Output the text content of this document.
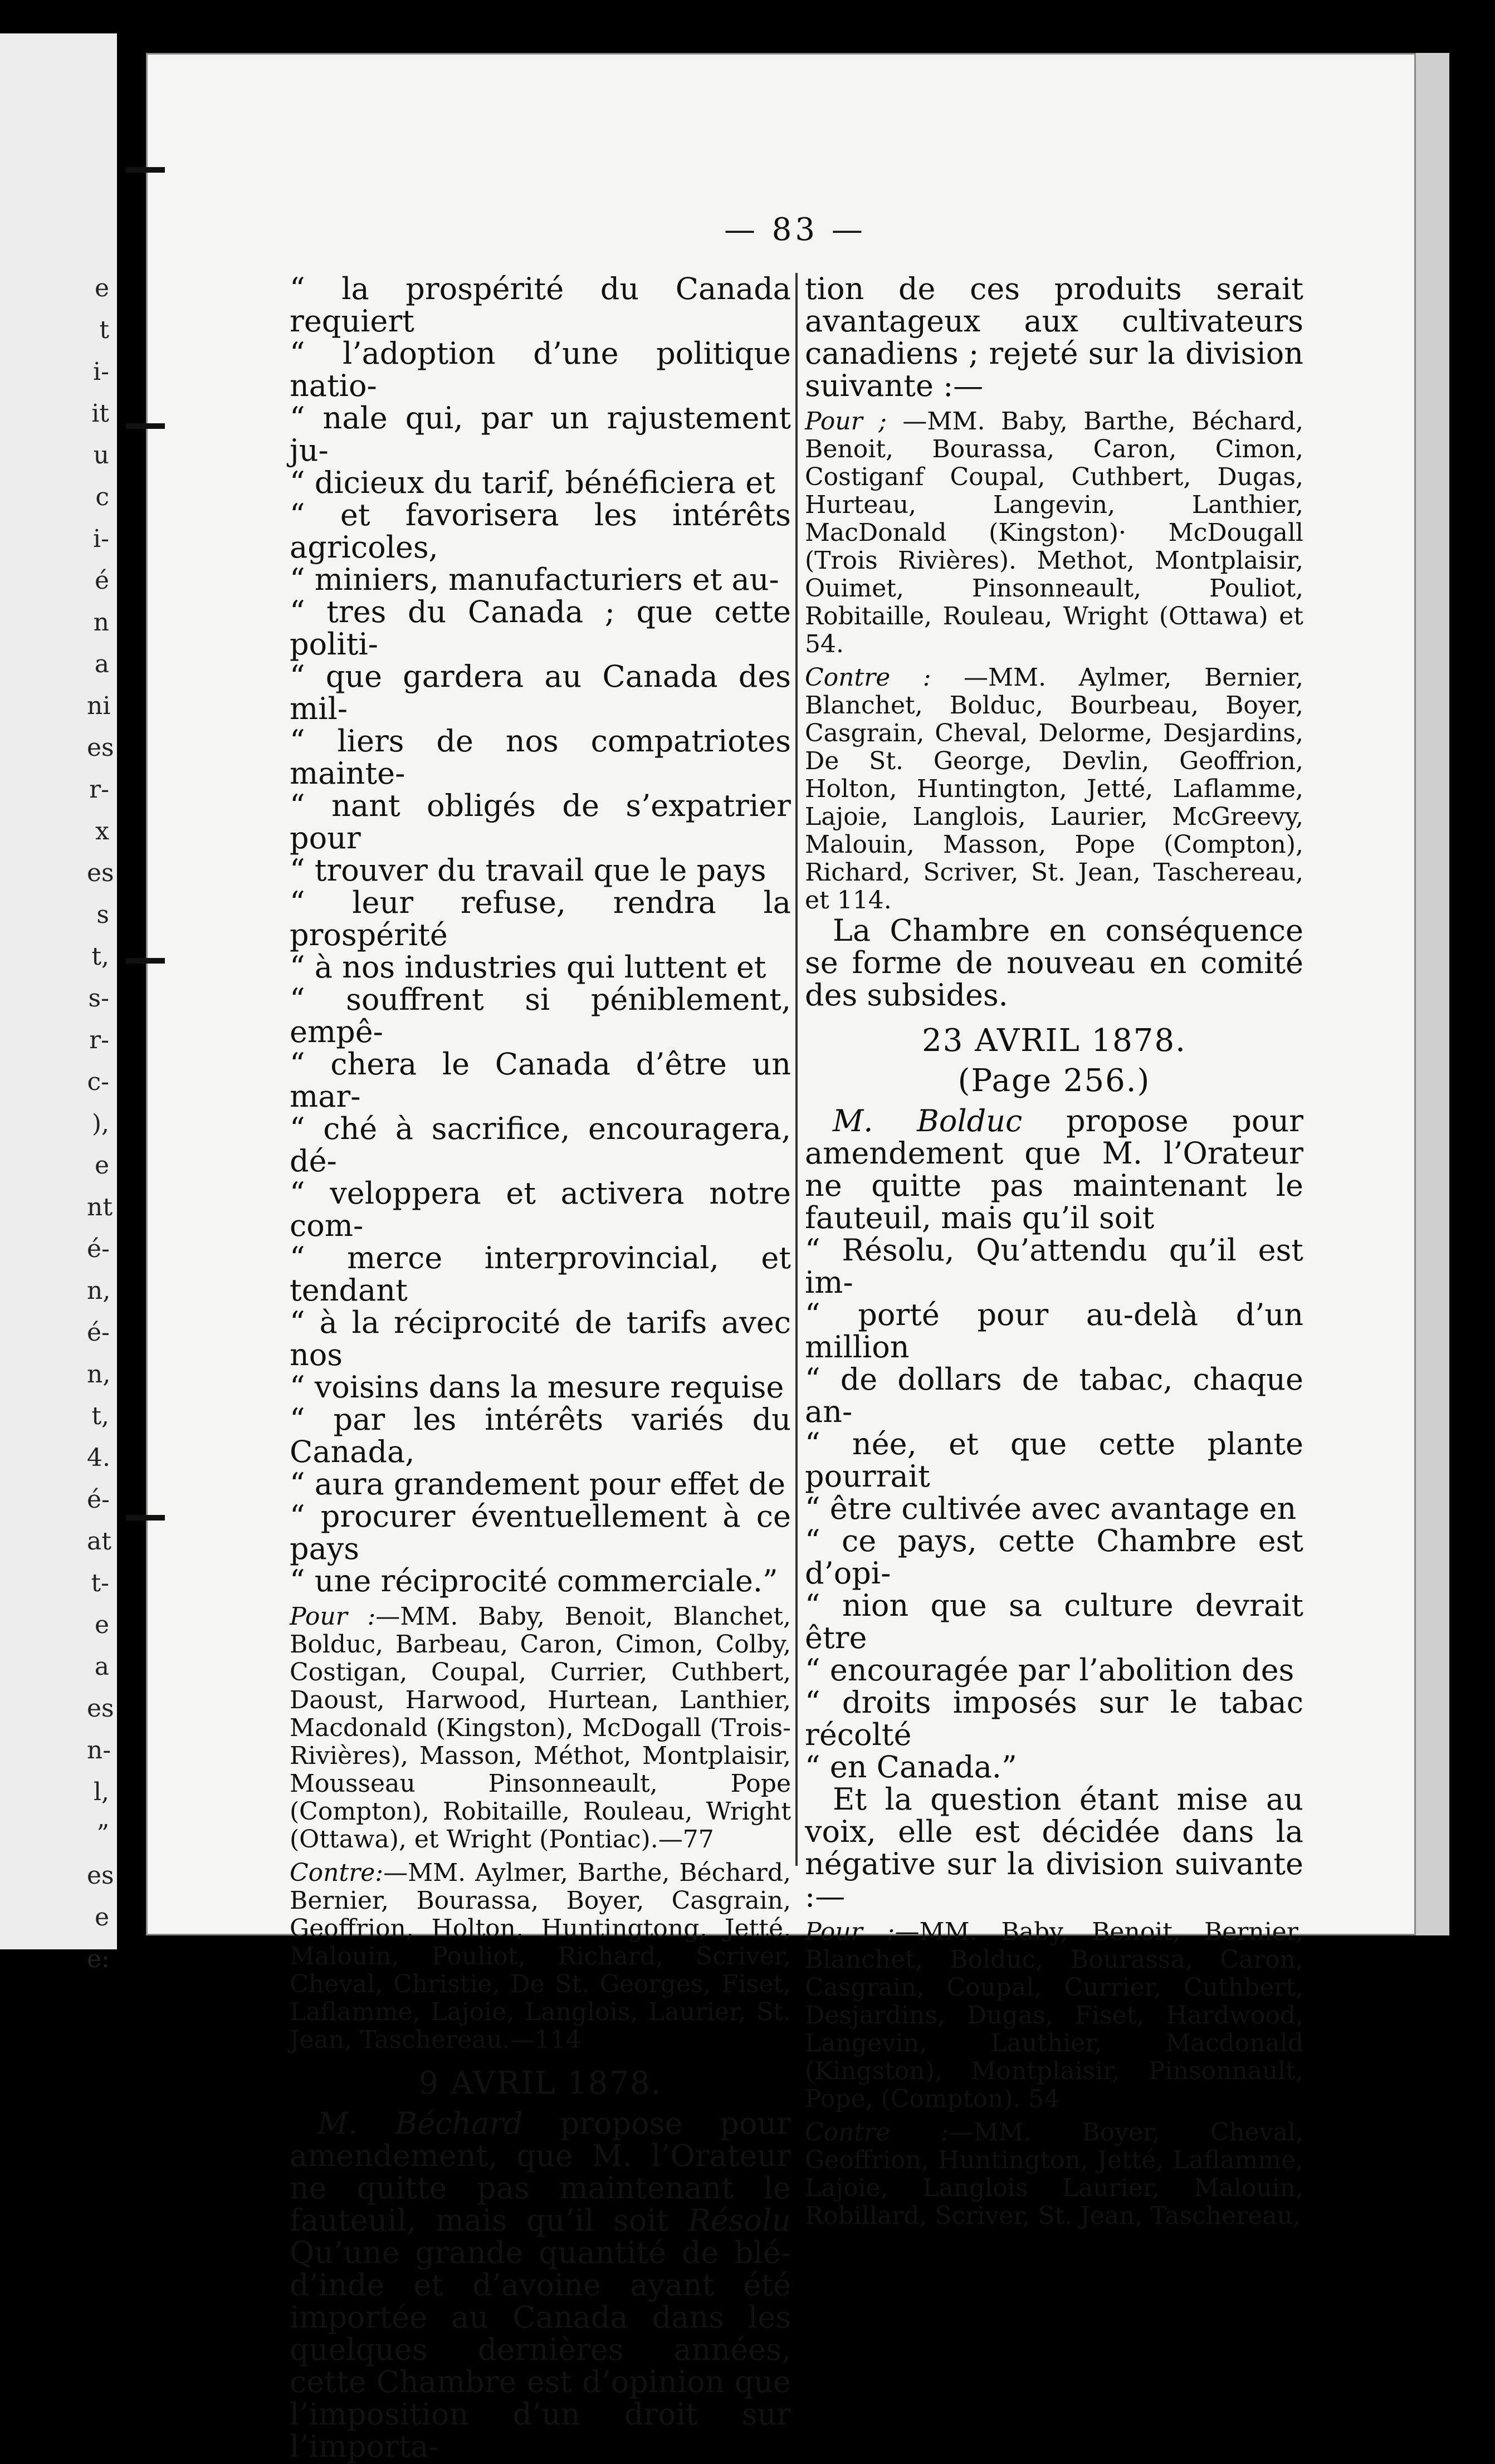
e
t
i-
it
u
c
i-
é
n
a
ni
es
r-
x
es
s
t,
s-
r-
c-
),
e
nt
é-
n,
é-
n,
t,
4.
é-
at
t-
e
a
es
n-
l,
”
es
e
e:
— 83 —
“ la prospérité du Canada requiert
“ l’adoption d’une politique natio-
“ nale qui, par un rajustement ju-
“ dicieux du tarif, bénéficiera et
“ et favorisera les intérêts agricoles,
“ miniers, manufacturiers et au-
“ tres du Canada ; que cette politi-
“ que gardera au Canada des mil-
“ liers de nos compatriotes mainte-
“ nant obligés de s’expatrier pour
“ trouver du travail que le pays
“ leur refuse, rendra la prospérité
“ à nos industries qui luttent et
“ souffrent si péniblement, empê-
“ chera le Canada d’être un mar-
“ ché à sacrifice, encouragera, dé-
“ veloppera et activera notre com-
“ merce interprovincial, et tendant
“ à la réciprocité de tarifs avec nos
“ voisins dans la mesure requise
“ par les intérêts variés du Canada,
“ aura grandement pour effet de
“ procurer éventuellement à ce pays
“ une réciprocité commerciale.”

Pour :—MM. Baby, Benoit, Blanchet, Bolduc, Barbeau, Caron, Cimon, Colby, Costigan, Coupal, Currier, Cuthbert, Daoust, Harwood, Hurtean, Lanthier, Macdonald (Kingston), McDogall (Trois-Rivières), Masson, Méthot, Montplaisir, Mousseau Pinsonneault, Pope (Compton), Robitaille, Rouleau, Wright (Ottawa), et Wright (Pontiac).—77

Contre:—MM. Aylmer, Barthe, Béchard, Bernier, Bourassa, Boyer, Casgrain, Geoffrion, Holton, Huntingtong, Jetté, Malouin, Pouliot, Richard, Scriver, Cheval, Christie, De St. Georges, Fiset, Laflamme, Lajoie, Langlois, Laurier, St. Jean, Taschereau.—114

9 AVRIL 1878.

M. Béchard propose pour amendement, que M. l’Orateur ne quitte pas maintenant le fauteuil, mais qu’il soit Résolu Qu’une grande quantité de blé-d’inde et d’avoine ayant été importée au Canada dans les quelques dernières années, cette Chambre est d’opinion que l’imposition d’un droit sur l’importa-

tion de ces produits serait avantageux aux cultivateurs canadiens ; rejeté sur la division suivante :—

Pour ; —MM. Baby, Barthe, Béchard, Benoit, Bourassa, Caron, Cimon, Costiganf Coupal, Cuthbert, Dugas, Hurteau, Langevin, Lanthier, MacDonald (Kingston)· McDougall (Trois Rivières). Methot, Montplaisir, Ouimet, Pinsonneault, Pouliot, Robitaille, Rouleau, Wright (Ottawa) et 54.

Contre : —MM. Aylmer, Bernier, Blanchet, Bolduc, Bourbeau, Boyer, Casgrain, Cheval, Delorme, Desjardins, De St. George, Devlin, Geoffrion, Holton, Huntington, Jetté, Laflamme, Lajoie, Langlois, Laurier, McGreevy, Malouin, Masson, Pope (Compton), Richard, Scriver, St. Jean, Taschereau, et 114.

La Chambre en conséquence se forme de nouveau en comité des subsides.

23 AVRIL 1878.
(Page 256.)

M. Bolduc propose pour amendement que M. l’Orateur ne quitte pas maintenant le fauteuil, mais qu’il soit

“ Résolu, Qu’attendu qu’il est im-
“ porté pour au-delà d’un million
“ de dollars de tabac, chaque an-
“ née, et que cette plante pourrait
“ être cultivée avec avantage en
“ ce pays, cette Chambre est d’opi-
“ nion que sa culture devrait être
“ encouragée par l’abolition des
“ droits imposés sur le tabac récolté
“ en Canada.”

Et la question étant mise au voix, elle est décidée dans la négative sur la division suivante :—

Pour :—MM. Baby, Benoit, Bernier, Blanchet, Bolduc, Bourassa, Caron, Casgrain, Coupal, Currier, Cuthbert, Desjardins, Dugas, Fiset, Hardwood, Langevin, Lauthier, Macdonald (Kingston), Montplaisir, Pinsonnault, Pope, (Compton). 54

Contre :—MM. Boyer, Cheval, Geoffrion, Huntington, Jetté, Laflamme, Lajoie, Langlois Laurier, Malouin, Robillard, Scriver, St. Jean, Taschereau,
